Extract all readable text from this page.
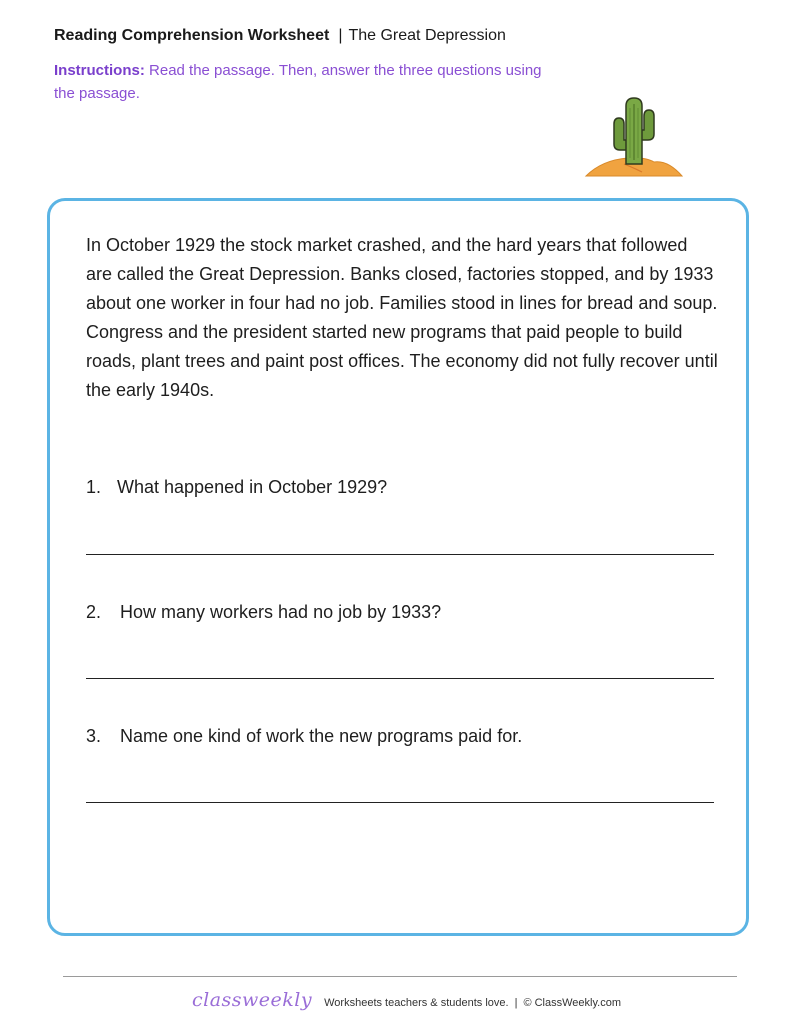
Reading Comprehension Worksheet | The Great Depression
Instructions: Read the passage. Then, answer the three questions using the passage.
In October 1929 the stock market crashed, and the hard years that followed are called the Great Depression. Banks closed, factories stopped, and by 1933 about one worker in four had no job. Families stood in lines for bread and soup. Congress and the president started new programs that paid people to build roads, plant trees and paint post offices. The economy did not fully recover until the early 1940s.
1. What happened in October 1929?
2. How many workers had no job by 1933?
3. Name one kind of work the new programs paid for.
classweekly Worksheets teachers & students love. | © ClassWeekly.com
